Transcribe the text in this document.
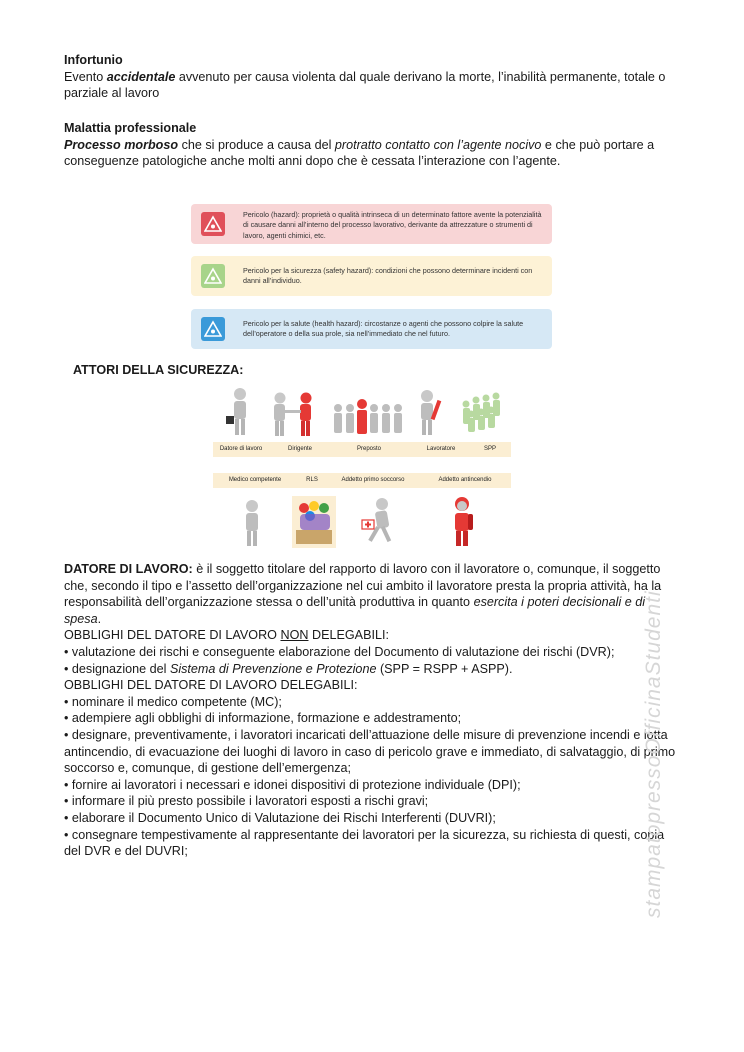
Infortunio
Evento accidentale avvenuto per causa violenta dal quale derivano la morte, l’inabilità permanente, totale o parziale al lavoro
Malattia professionale
Processo morboso che si produce a causa del protratto contatto con l’agente nocivo e che può portare a conseguenze patologiche anche molti anni dopo che è cessata l’interazione con l’agente.
Pericolo (hazard): proprietà o qualità intrinseca di un determinato fattore avente la potenzialità di causare danni all’interno del processo lavorativo, derivante da attrezzature o strumenti di lavoro, agenti chimici, etc.
Pericolo per la sicurezza (safety hazard): condizioni che possono determinare incidenti con danni all’individuo.
Pericolo per la salute (health hazard): circostanze o agenti che possono colpire la salute dell’operatore o della sua prole, sia nell’immediato che nel futuro.
ATTORI DELLA SICUREZZA:
Datore di lavoro	Dirigente	Preposto	Lavoratore	SPP
Medico competente	RLS	Addetto primo soccorso	Addetto antincendio
DATORE DI LAVORO: è il soggetto titolare del rapporto di lavoro con il lavoratore o, comunque, il soggetto che, secondo il tipo e l’assetto dell’organizzazione nel cui ambito il lavoratore presta la propria attività, ha la responsabilità dell’organizzazione stessa o dell’unità produttiva in quanto esercita i poteri decisionali e di spesa.
OBBLIGHI DEL DATORE DI LAVORO NON DELEGABILI:
• valutazione dei rischi e conseguente elaborazione del Documento di valutazione dei rischi (DVR);
• designazione del Sistema di Prevenzione e Protezione (SPP = RSPP + ASPP).
OBBLIGHI DEL DATORE DI LAVORO DELEGABILI:
• nominare il medico competente (MC);
• adempiere agli obblighi di informazione, formazione e addestramento;
• designare, preventivamente, i lavoratori incaricati dell’attuazione delle misure di prevenzione incendi e lotta antincendio, di evacuazione dei luoghi di lavoro in caso di pericolo grave e immediato, di salvataggio, di primo soccorso e, comunque, di gestione dell’emergenza;
• fornire ai lavoratori i necessari e idonei dispositivi di protezione individuale (DPI);
• informare il più presto possibile i lavoratori esposti a rischi gravi;
• elaborare il Documento Unico di Valutazione dei Rischi Interferenti (DUVRI);
• consegnare tempestivamente al rappresentante dei lavoratori per la sicurezza, su richiesta di questi, copia del DVR e del DUVRI;	stampatopressoOfficinaStudenti
